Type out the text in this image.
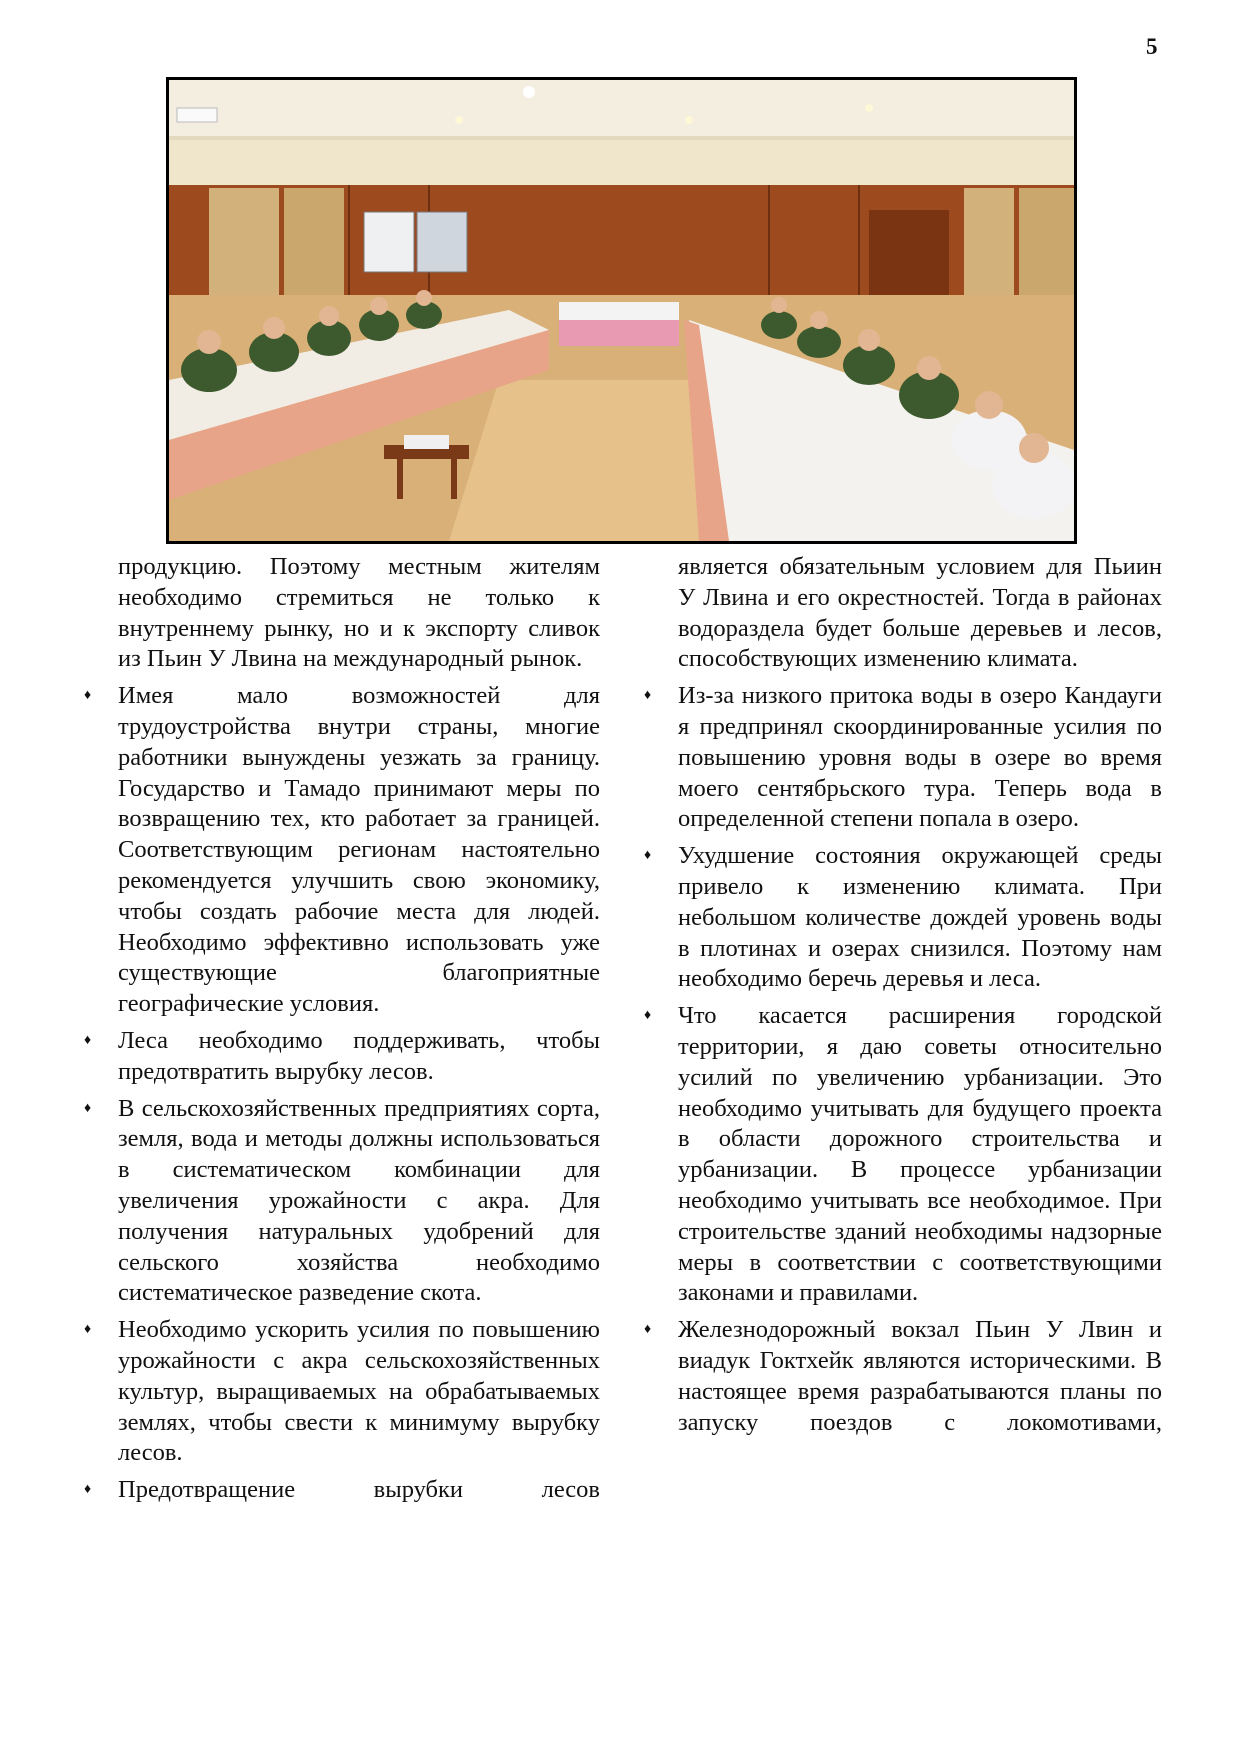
5

продукцию. Поэтому местным жителям необходимо стремиться не только к внутреннему рынку, но и к экспорту сливок из Пьин У Лвина на международный рынок.

♦ Имея мало возможностей для трудоустройства внутри страны, многие работники вынуждены уезжать за границу. Государство и Тамадо принимают меры по возвращению тех, кто работает за границей. Соответствующим регионам настоятельно рекомендуется улучшить свою экономику, чтобы создать рабочие места для людей. Необходимо эффективно использовать уже существующие благоприятные географические условия.
♦ Леса необходимо поддерживать, чтобы предотвратить вырубку лесов.
♦ В сельскохозяйственных предприятиях сорта, земля, вода и методы должны использоваться в систематическом комбинации для увеличения урожайности с акра. Для получения натуральных удобрений для сельского хозяйства необходимо систематическое разведение скота.
♦ Необходимо ускорить усилия по повышению урожайности с акра сельскохозяйственных культур, выращиваемых на обрабатываемых землях, чтобы свести к минимуму вырубку лесов.
♦ Предотвращение вырубки лесов

является обязательным условием для Пьиин У Лвина и его окрестностей. Тогда в районах водораздела будет больше деревьев и лесов, способствующих изменению климата.

♦ Из-за низкого притока воды в озеро Кандауги я предпринял скоординированные усилия по повышению уровня воды в озере во время моего сентябрьского тура. Теперь вода в определенной степени попала в озеро.
♦ Ухудшение состояния окружающей среды привело к изменению климата. При небольшом количестве дождей уровень воды в плотинах и озерах снизился. Поэтому нам необходимо беречь деревья и леса.
♦ Что касается расширения городской территории, я даю советы относительно усилий по увеличению урбанизации. Это необходимо учитывать для будущего проекта в области дорожного строительства и урбанизации. В процессе урбанизации необходимо учитывать все необходимое. При строительстве зданий необходимы надзорные меры в соответствии с соответствующими законами и правилами.
♦ Железнодорожный вокзал Пьин У Лвин и виадук Гоктхейк являются историческими. В настоящее время разрабатываются планы по запуску поездов с локомотивами,
